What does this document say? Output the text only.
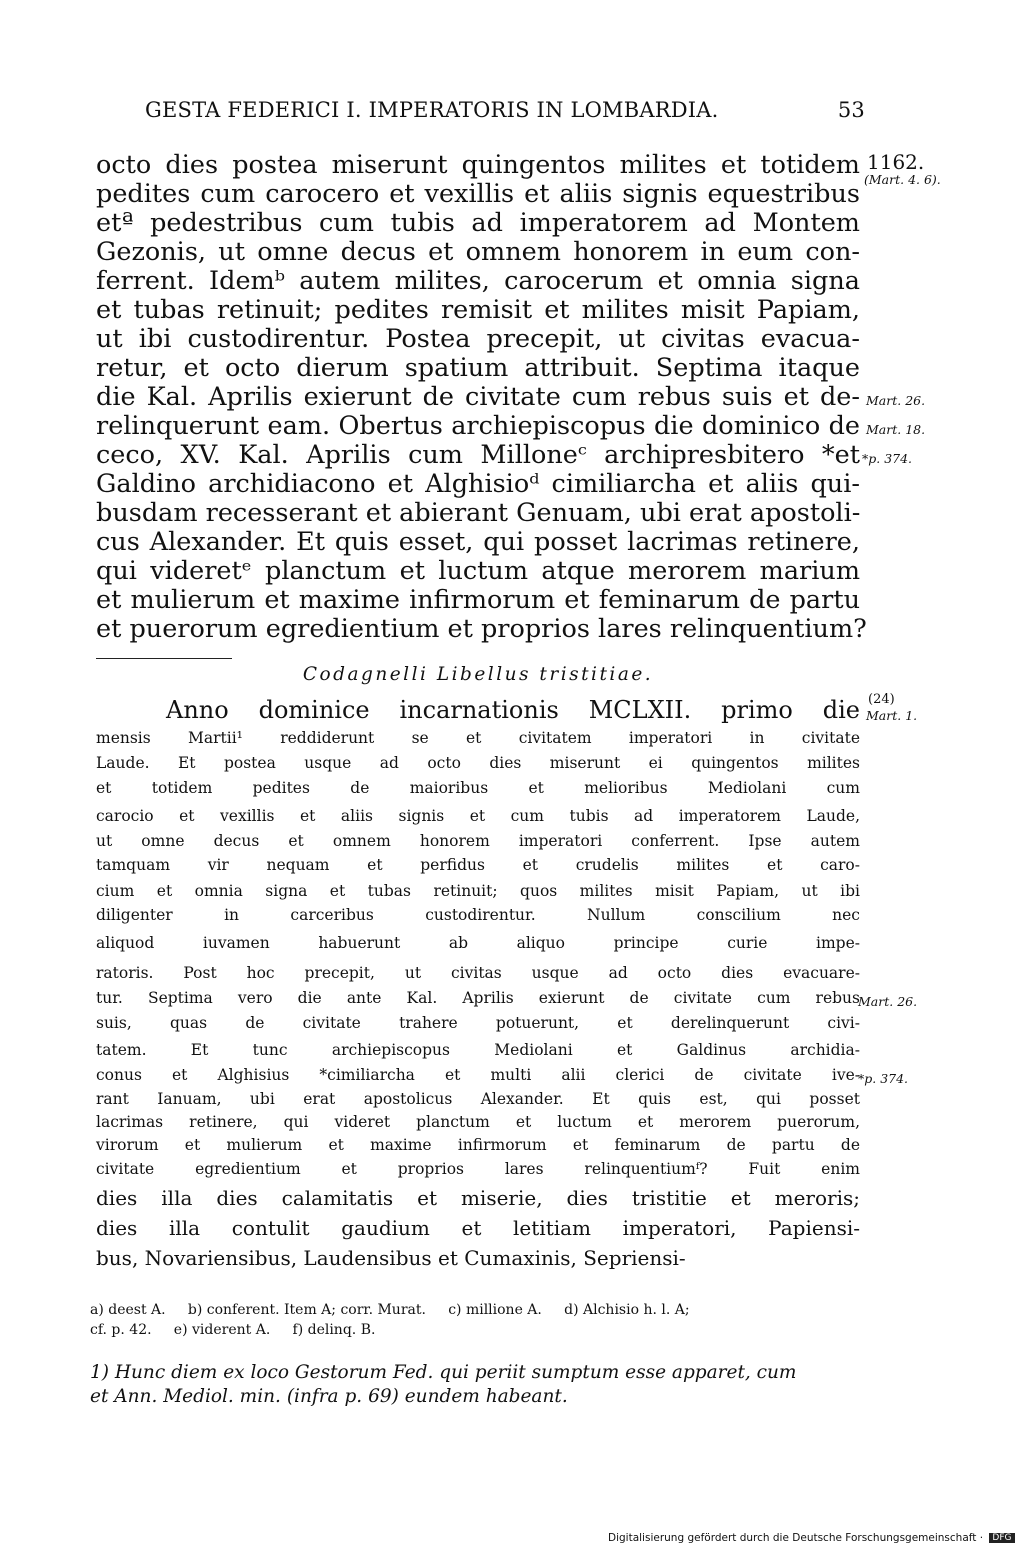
GESTA FEDERICI I. IMPERATORIS IN LOMBARDIA.	53
octo dies postea miserunt quingentos milites et totidem
pedites cum carocero et vexillis et aliis signis equestribus
etª pedestribus cum tubis ad imperatorem ad Montem
Gezonis, ut omne decus et omnem honorem in eum con-
ferrent. Idemᵇ autem milites, carocerum et omnia signa
et tubas retinuit; pedites remisit et milites misit Papiam,
ut ibi custodirentur. Postea precepit, ut civitas evacua-
retur, et octo dierum spatium attribuit. Septima itaque
die Kal. Aprilis exierunt de civitate cum rebus suis et de-
relinquerunt eam. Obertus archiepiscopus die dominico de
ceco, XV. Kal. Aprilis cum Milloneᶜ archipresbitero *et
Galdino archidiacono et Alghisioᵈ cimiliarcha et aliis qui-
busdam recesserant et abierant Genuam, ubi erat apostoli-
cus Alexander. Et quis esset, qui posset lacrimas retinere,
qui videretᵉ planctum et luctum atque merorem marium
et mulierum et maxime infirmorum et feminarum de partu
et puerorum egredientium et proprios lares relinquentium?
1162.
(Mart. 4. 6).
Mart. 26.
Mart. 18.
*p. 374.
(24)
Mart. 1.
Mart. 26.
*p. 374.
Codagnelli Libellus tristitiae.
Anno dominice incarnationis MCLXII. primo die
mensis Martii¹ reddiderunt se et civitatem imperatori in civitate
Laude. Et postea usque ad octo dies miserunt ei quingentos milites
et totidem pedites de maioribus et melioribus Mediolani cum
carocio et vexillis et aliis signis et cum tubis ad imperatorem Laude,
ut omne decus et omnem honorem imperatori conferrent. Ipse autem
tamquam vir nequam et perfidus et crudelis milites et caro-
cium et omnia signa et tubas retinuit; quos milites misit Papiam, ut ibi
diligenter in carceribus custodirentur. Nullum conscilium nec
aliquod iuvamen habuerunt ab aliquo principe curie impe-
ratoris. Post hoc precepit, ut civitas usque ad octo dies evacuare-
tur. Septima vero die ante Kal. Aprilis exierunt de civitate cum rebus
suis, quas de civitate trahere potuerunt, et derelinquerunt civi-
tatem. Et tunc archiepiscopus Mediolani et Galdinus archidia-
conus et Alghisius *cimiliarcha et multi alii clerici de civitate ive-
rant Ianuam, ubi erat apostolicus Alexander. Et quis est, qui posset
lacrimas retinere, qui videret planctum et luctum et merorem puerorum,
virorum et mulierum et maxime infirmorum et feminarum de partu de
civitate egredientium et proprios lares relinquentiumᶠ? Fuit enim
dies illa dies calamitatis et miserie, dies tristitie et meroris;
dies illa contulit gaudium et letitiam imperatori, Papiensi-
bus, Novariensibus, Laudensibus et Cumaxinis, Sepriensi-
a) deest A.     b) conferent. Item A; corr. Murat.     c) millione A.     d) Alchisio h. l. A;
cf. p. 42.     e) viderent A.     f) delinq. B.
1) Hunc diem ex loco Gestorum Fed. qui periit sumptum esse apparet, cum
et Ann. Mediol. min. (infra p. 69) eundem habeant.
Digitalisierung gefördert durch die Deutsche Forschungsgemeinschaft · DFG
